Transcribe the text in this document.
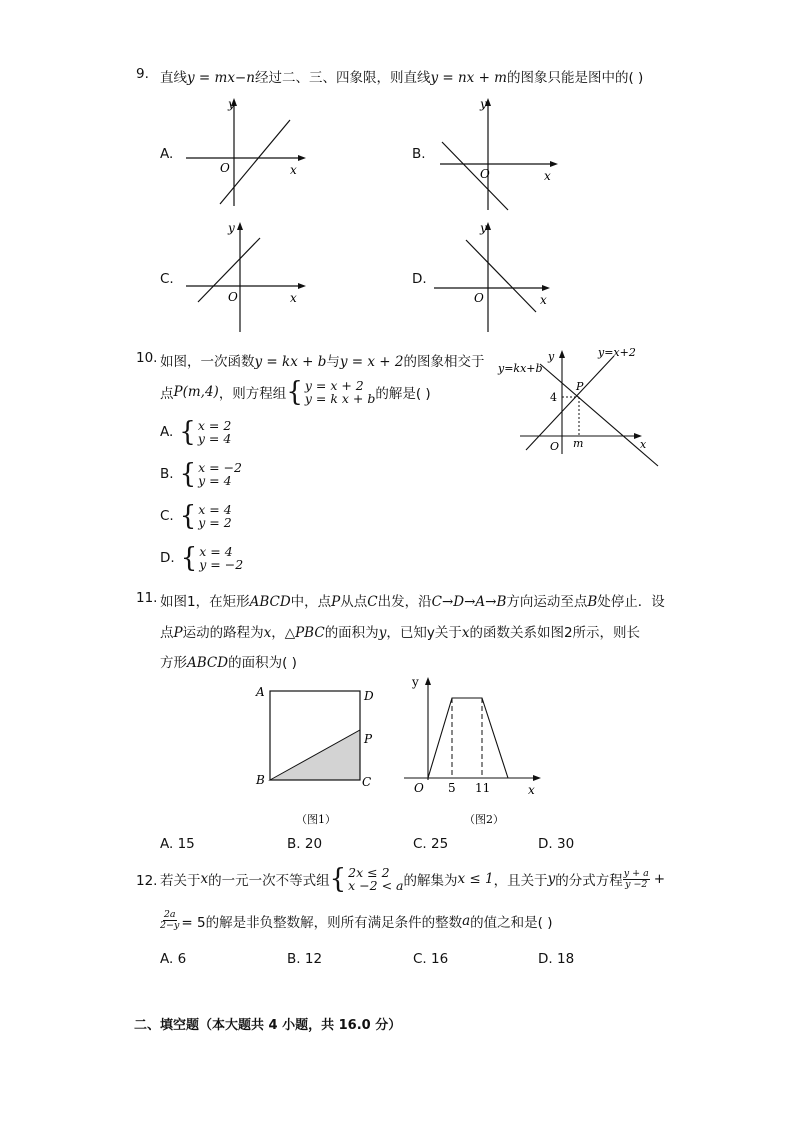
9. 直线y = mx−n经过二、三、四象限，则直线y = nx + m的图象只能是图中的( )
A.
y
x
O
B.
y
x
O
C.
y
x
O
D.
y
x
O
10. 如图，一次函数y = kx + b与y = x + 2的图象相交于
点 P(m,4) ，则方程组 { y = x + 2
y = k x + b 的解是( )
A. { x = 2
y = 4
B. { x = −2
y = 4
C. { x = 4
y = 2
D. { x = 4
y = −2
y=kx+b
y=x+2
y
x
O
P
4
m
11. 如图1，在矩形ABCD中，点P从点C出发，沿C→D→A→B方向运动至点B处停止．设
点P运动的路程为x，△PBC的面积为y，已知y关于x的函数关系如图2所示，则长
方形ABCD的面积为( )
A	D
P
B	C
（图1）
y
x
O 5 11
（图2）
A. 15	B. 20	C. 25	D. 30
12. 若关于 x 的一元一次不等式组 { 2x ≤ 2
x −2 < a 的解集为 x ≤ 1 ，且关于 y 的分式方程 $\frac{y + a}{y -2}$ +
$\frac{2a}{2-y} = 5$的解是非负整数解，则所有满足条件的整数 a 的值之和是( )
A. 6	B. 12	C. 16	D. 18
二、填空题（本大题共 4 小题，共 16.0 分）
